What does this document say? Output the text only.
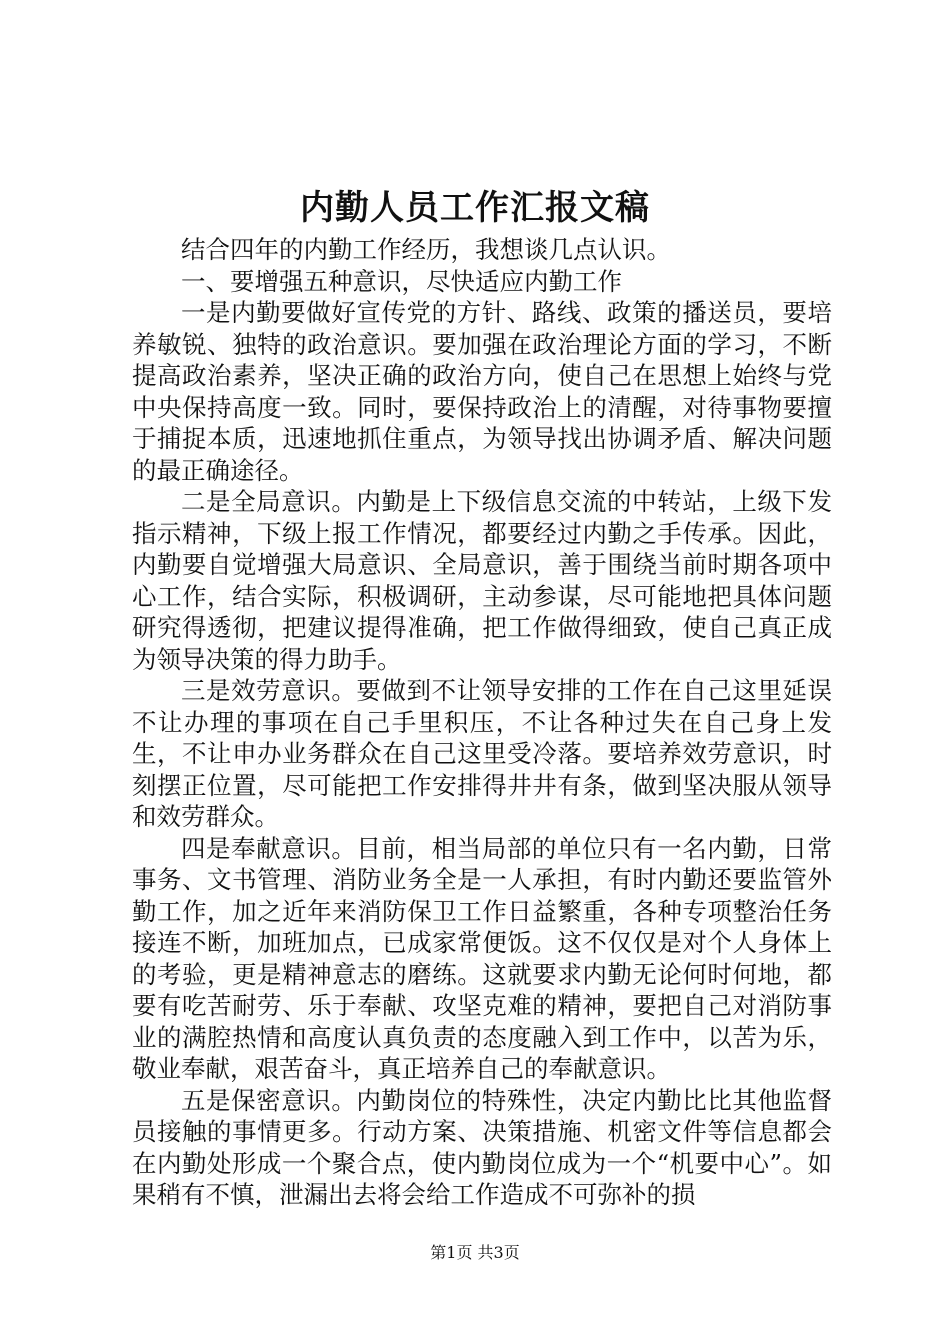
内勤人员工作汇报文稿

结合四年的内勤工作经历，我想谈几点认识。

一、要增强五种意识，尽快适应内勤工作

一是内勤要做好宣传党的方针、路线、政策的播送员，要培养敏锐、独特的政治意识。要加强在政治理论方面的学习，不断提高政治素养，坚决正确的政治方向，使自己在思想上始终与党中央保持高度一致。同时，要保持政治上的清醒，对待事物要擅于捕捉本质，迅速地抓住重点，为领导找出协调矛盾、解决问题的最正确途径。

二是全局意识。内勤是上下级信息交流的中转站，上级下发指示精神，下级上报工作情况，都要经过内勤之手传承。因此，内勤要自觉增强大局意识、全局意识，善于围绕当前时期各项中心工作，结合实际，积极调研，主动参谋，尽可能地把具体问题研究得透彻，把建议提得准确，把工作做得细致，使自己真正成为领导决策的得力助手。

三是效劳意识。要做到不让领导安排的工作在自己这里延误不让办理的事项在自己手里积压，不让各种过失在自己身上发生，不让申办业务群众在自己这里受冷落。要培养效劳意识，时刻摆正位置，尽可能把工作安排得井井有条，做到坚决服从领导和效劳群众。

四是奉献意识。目前，相当局部的单位只有一名内勤，日常事务、文书管理、消防业务全是一人承担，有时内勤还要监管外勤工作，加之近年来消防保卫工作日益繁重，各种专项整治任务接连不断，加班加点，已成家常便饭。这不仅仅是对个人身体上的考验，更是精神意志的磨练。这就要求内勤无论何时何地，都要有吃苦耐劳、乐于奉献、攻坚克难的精神，要把自己对消防事业的满腔热情和高度认真负责的态度融入到工作中，以苦为乐，敬业奉献，艰苦奋斗，真正培养自己的奉献意识。

五是保密意识。内勤岗位的特殊性，决定内勤比比其他监督员接触的事情更多。行动方案、决策措施、机密文件等信息都会在内勤处形成一个聚合点，使内勤岗位成为一个“机要中心”。如果稍有不慎，泄漏出去将会给工作造成不可弥补的损

第1页 共3页
